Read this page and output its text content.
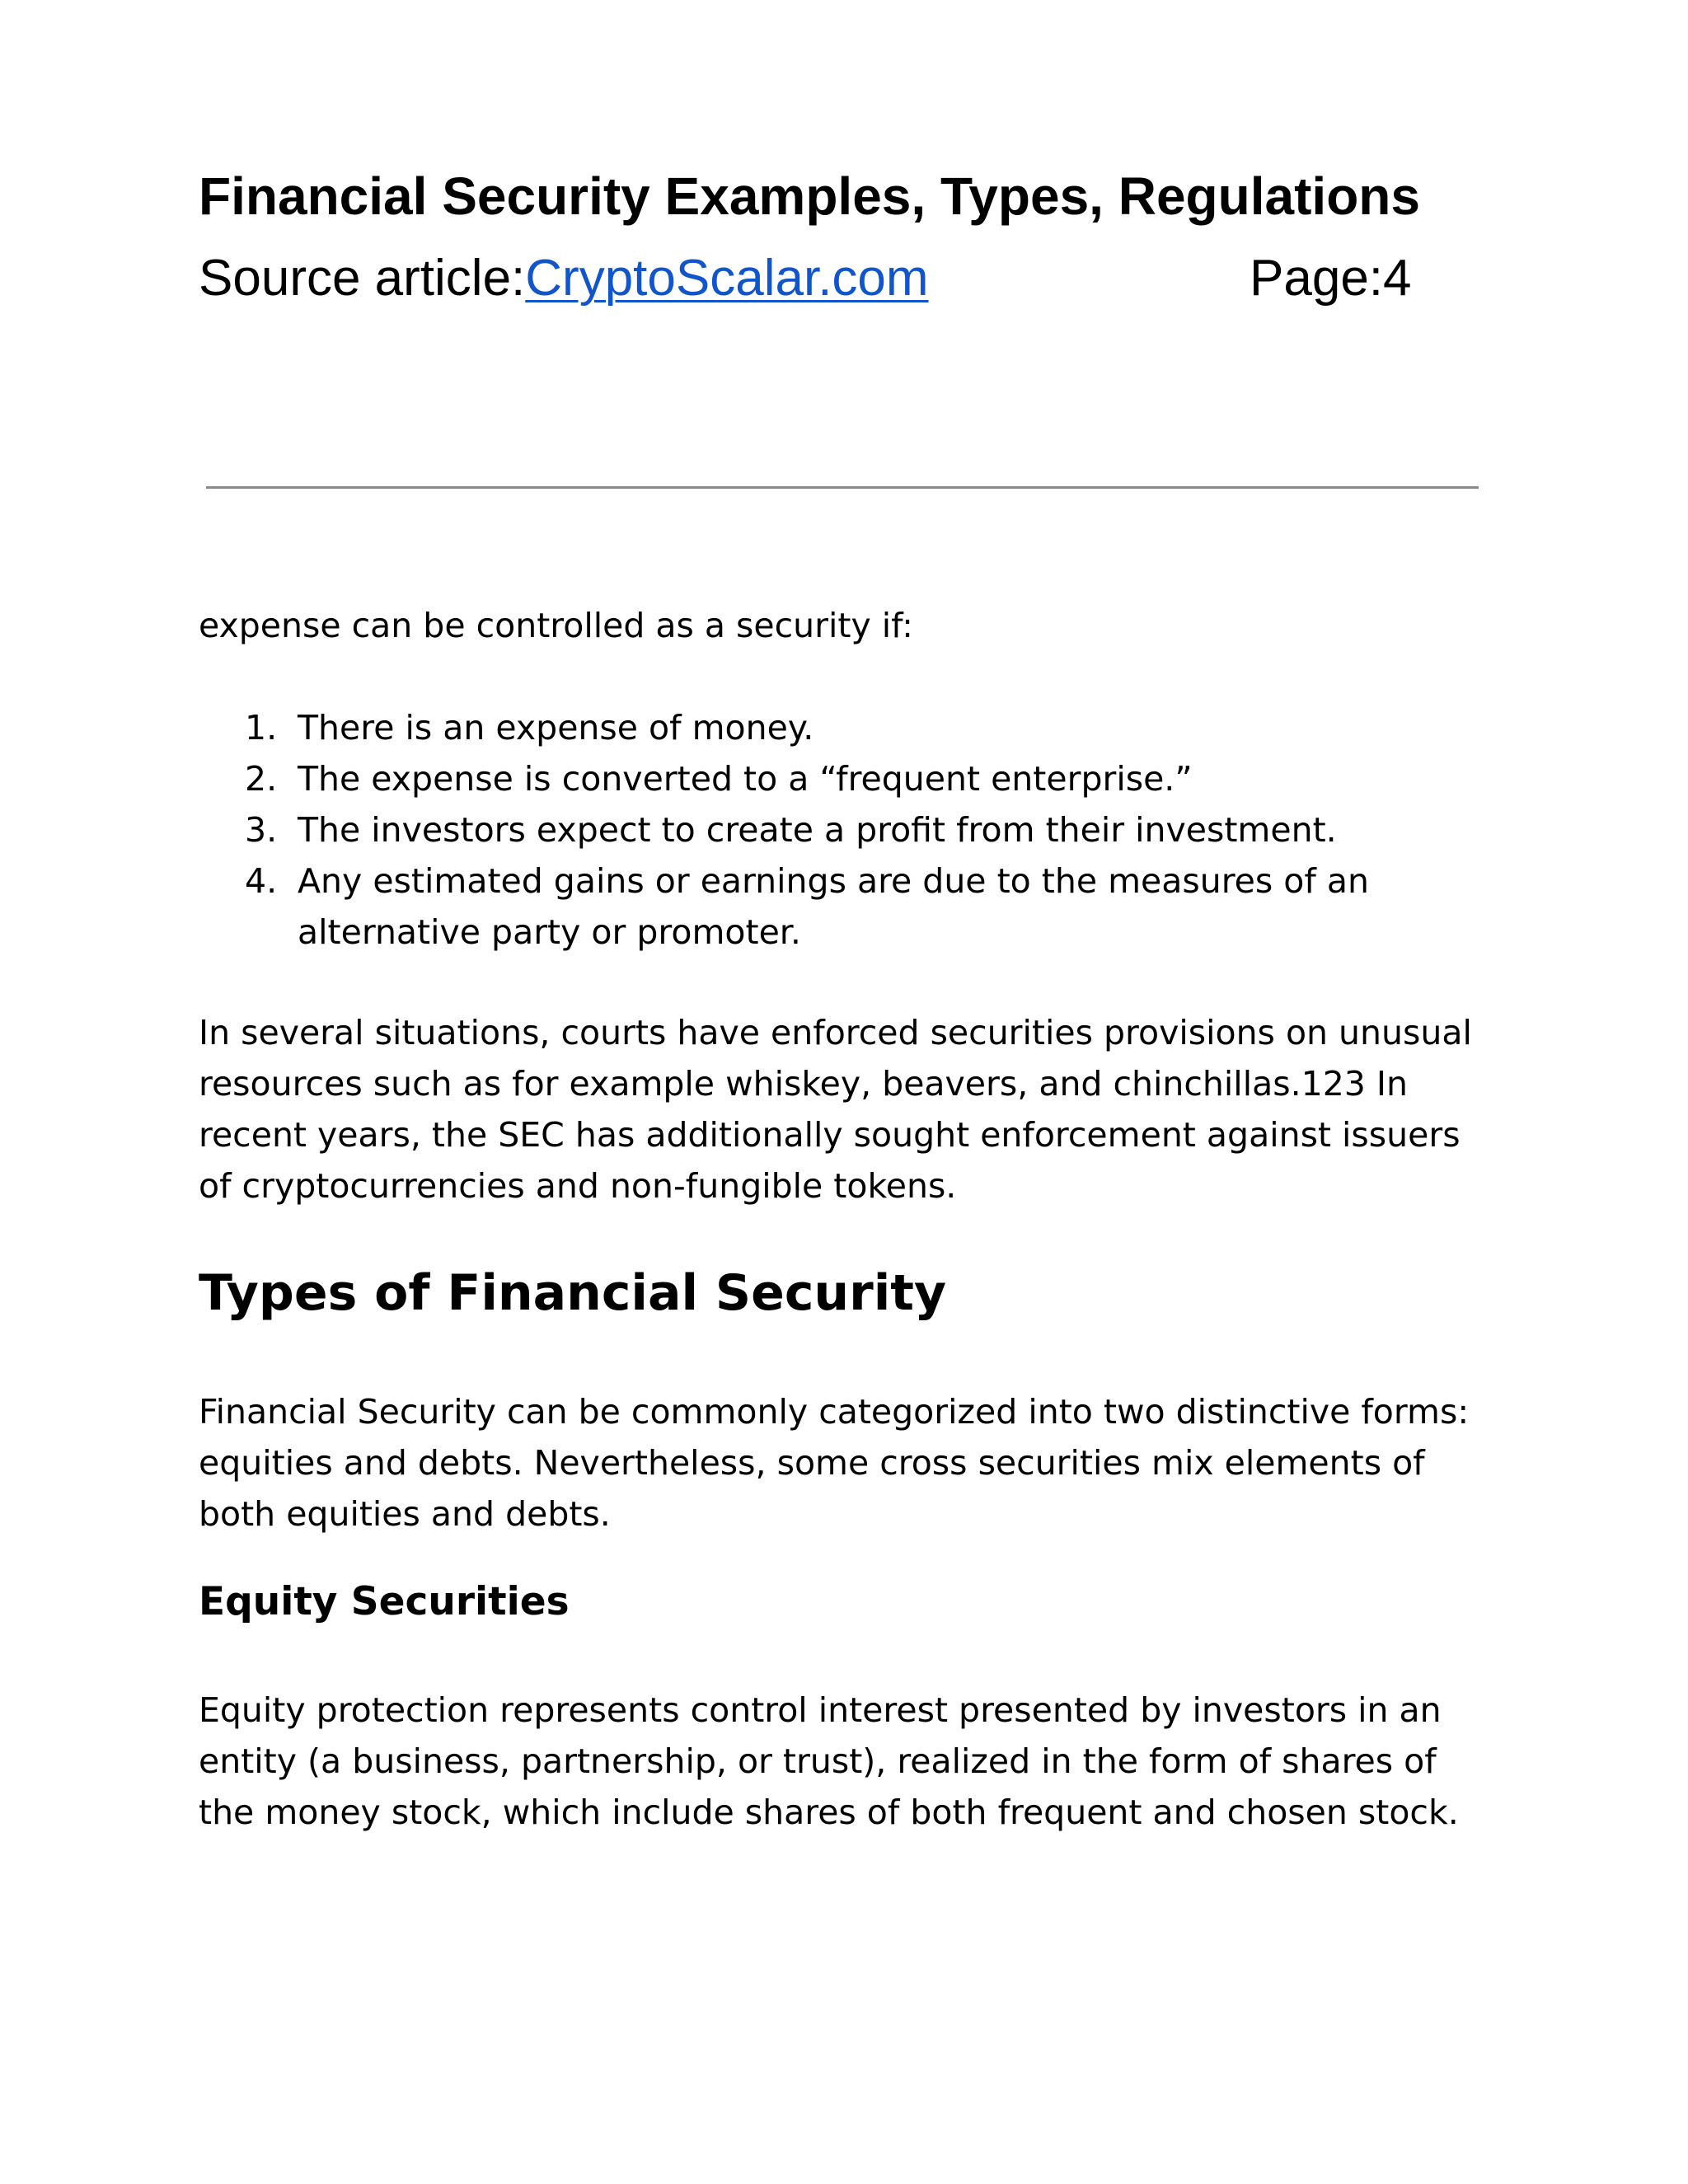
Financial Security Examples, Types, Regulations
Source article:CryptoScalar.com	Page:4

expense can be controlled as a security if:

1. There is an expense of money.
2. The expense is converted to a “frequent enterprise.”
3. The investors expect to create a profit from their investment.
4. Any estimated gains or earnings are due to the measures of an alternative party or promoter.

In several situations, courts have enforced securities provisions on unusual resources such as for example whiskey, beavers, and chinchillas.123 In recent years, the SEC has additionally sought enforcement against issuers of cryptocurrencies and non-fungible tokens.

Types of Financial Security

Financial Security can be commonly categorized into two distinctive forms: equities and debts. Nevertheless, some cross securities mix elements of both equities and debts.

Equity Securities

Equity protection represents control interest presented by investors in an entity (a business, partnership, or trust), realized in the form of shares of the money stock, which include shares of both frequent and chosen stock.
